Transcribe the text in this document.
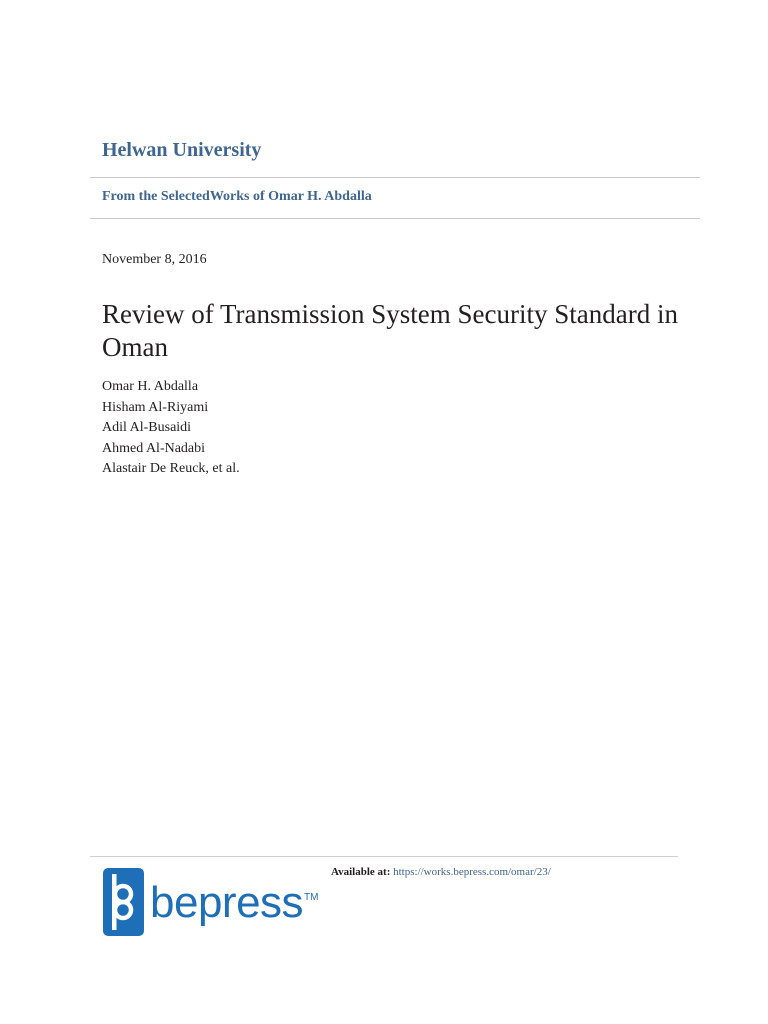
Helwan University
From the SelectedWorks of Omar H. Abdalla
November 8, 2016
Review of Transmission System Security Standard in Oman
Omar H. Abdalla
Hisham Al-Riyami
Adil Al-Busaidi
Ahmed Al-Nadabi
Alastair De Reuck, et al.
bepress TM
Available at: https://works.bepress.com/omar/23/
